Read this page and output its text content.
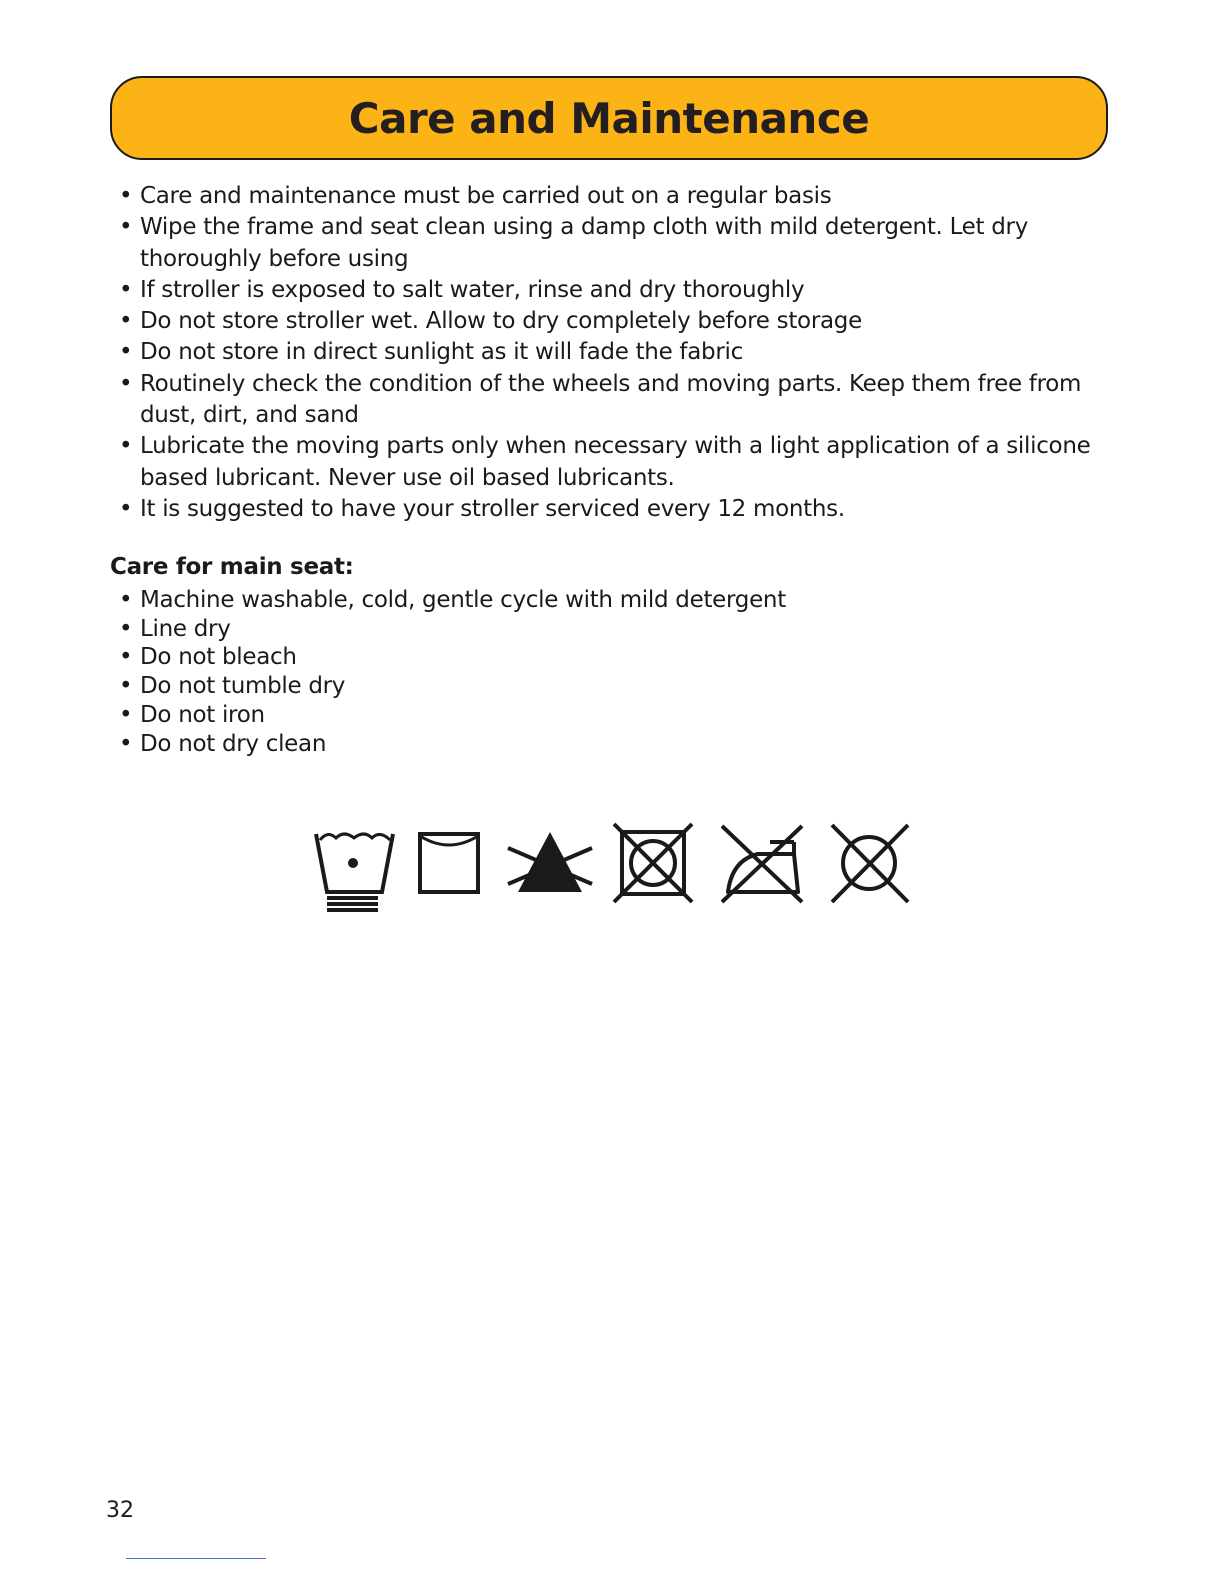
Care and Maintenance
• Care and maintenance must be carried out on a regular basis
• Wipe the frame and seat clean using a damp cloth with mild detergent. Let dry thoroughly before using
• If stroller is exposed to salt water, rinse and dry thoroughly
• Do not store stroller wet. Allow to dry completely before storage
• Do not store in direct sunlight as it will fade the fabric
• Routinely check the condition of the wheels and moving parts. Keep them free from dust, dirt, and sand
• Lubricate the moving parts only when necessary with a light application of a silicone based lubricant. Never use oil based lubricants.
• It is suggested to have your stroller serviced every 12 months.
Care for main seat:
• Machine washable, cold, gentle cycle with mild detergent
• Line dry
• Do not bleach
• Do not tumble dry
• Do not iron
• Do not dry clean
32
